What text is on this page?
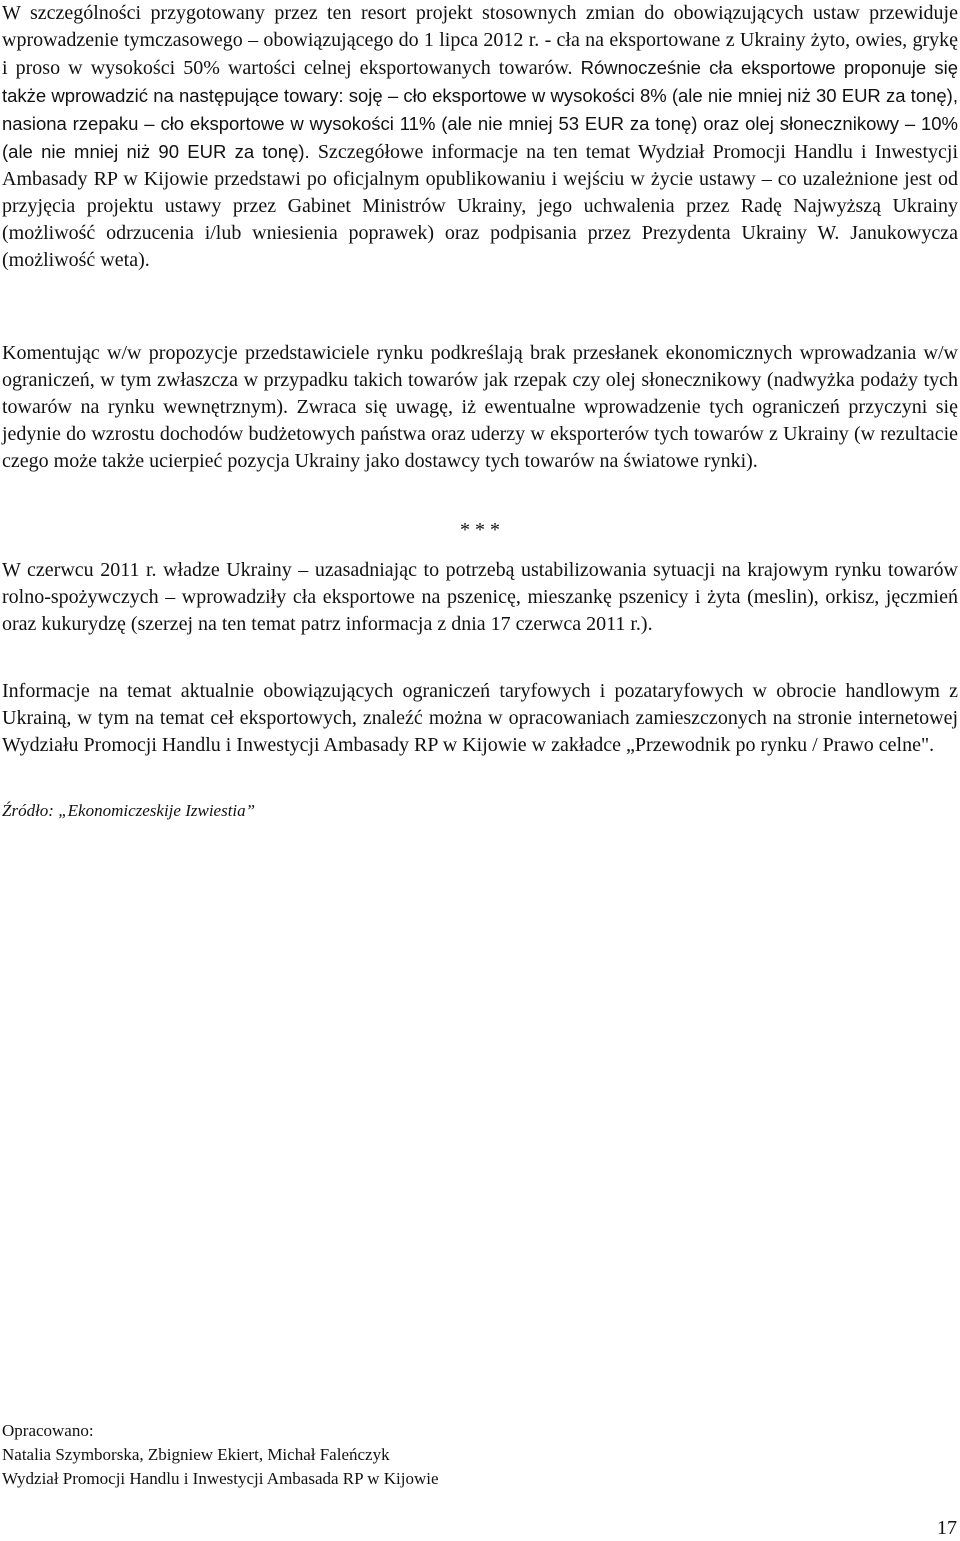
W szczególności przygotowany przez ten resort projekt stosownych zmian do obowiązujących ustaw przewiduje wprowadzenie tymczasowego – obowiązującego do 1 lipca 2012 r. - cła na eksportowane z Ukrainy żyto, owies, grykę i proso w wysokości 50% wartości celnej eksportowanych towarów. Równocześnie cła eksportowe proponuje się także wprowadzić na następujące towary: soję – cło eksportowe w wysokości 8% (ale nie mniej niż 30 EUR za tonę), nasiona rzepaku – cło eksportowe w wysokości 11% (ale nie mniej 53 EUR za tonę) oraz olej słonecznikowy – 10% (ale nie mniej niż 90 EUR za tonę). Szczegółowe informacje na ten temat Wydział Promocji Handlu i Inwestycji Ambasady RP w Kijowie przedstawi po oficjalnym opublikowaniu i wejściu w życie ustawy – co uzależnione jest od przyjęcia projektu ustawy przez Gabinet Ministrów Ukrainy, jego uchwalenia przez Radę Najwyższą Ukrainy (możliwość odrzucenia i/lub wniesienia poprawek) oraz podpisania przez Prezydenta Ukrainy W. Janukowycza (możliwość weta).
Komentując w/w propozycje przedstawiciele rynku podkreślają brak przesłanek ekonomicznych wprowadzania w/w ograniczeń, w tym zwłaszcza w przypadku takich towarów jak rzepak czy olej słonecznikowy (nadwyżka podaży tych towarów na rynku wewnętrznym). Zwraca się uwagę, iż ewentualne wprowadzenie tych ograniczeń przyczyni się jedynie do wzrostu dochodów budżetowych państwa oraz uderzy w eksporterów tych towarów z Ukrainy (w rezultacie czego może także ucierpieć pozycja Ukrainy jako dostawcy tych towarów na światowe rynki).
* * *
W czerwcu 2011 r. władze Ukrainy – uzasadniając to potrzebą ustabilizowania sytuacji na krajowym rynku towarów rolno-spożywczych – wprowadziły cła eksportowe na pszenicę, mieszankę pszenicy i żyta (meslin), orkisz, jęczmień oraz kukurydzę (szerzej na ten temat patrz informacja z dnia 17 czerwca 2011 r.).
Informacje na temat aktualnie obowiązujących ograniczeń taryfowych i pozataryfowych w obrocie handlowym z Ukrainą, w tym na temat ceł eksportowych, znaleźć można w opracowaniach zamieszczonych na stronie internetowej Wydziału Promocji Handlu i Inwestycji Ambasady RP w Kijowie w zakładce „Przewodnik po rynku / Prawo celne".
Źródło: „Ekonomiczeskije Izwiestia”
Opracowano:
Natalia Szymborska, Zbigniew Ekiert, Michał Faleńczyk
Wydział Promocji Handlu i Inwestycji Ambasada RP w Kijowie
17
